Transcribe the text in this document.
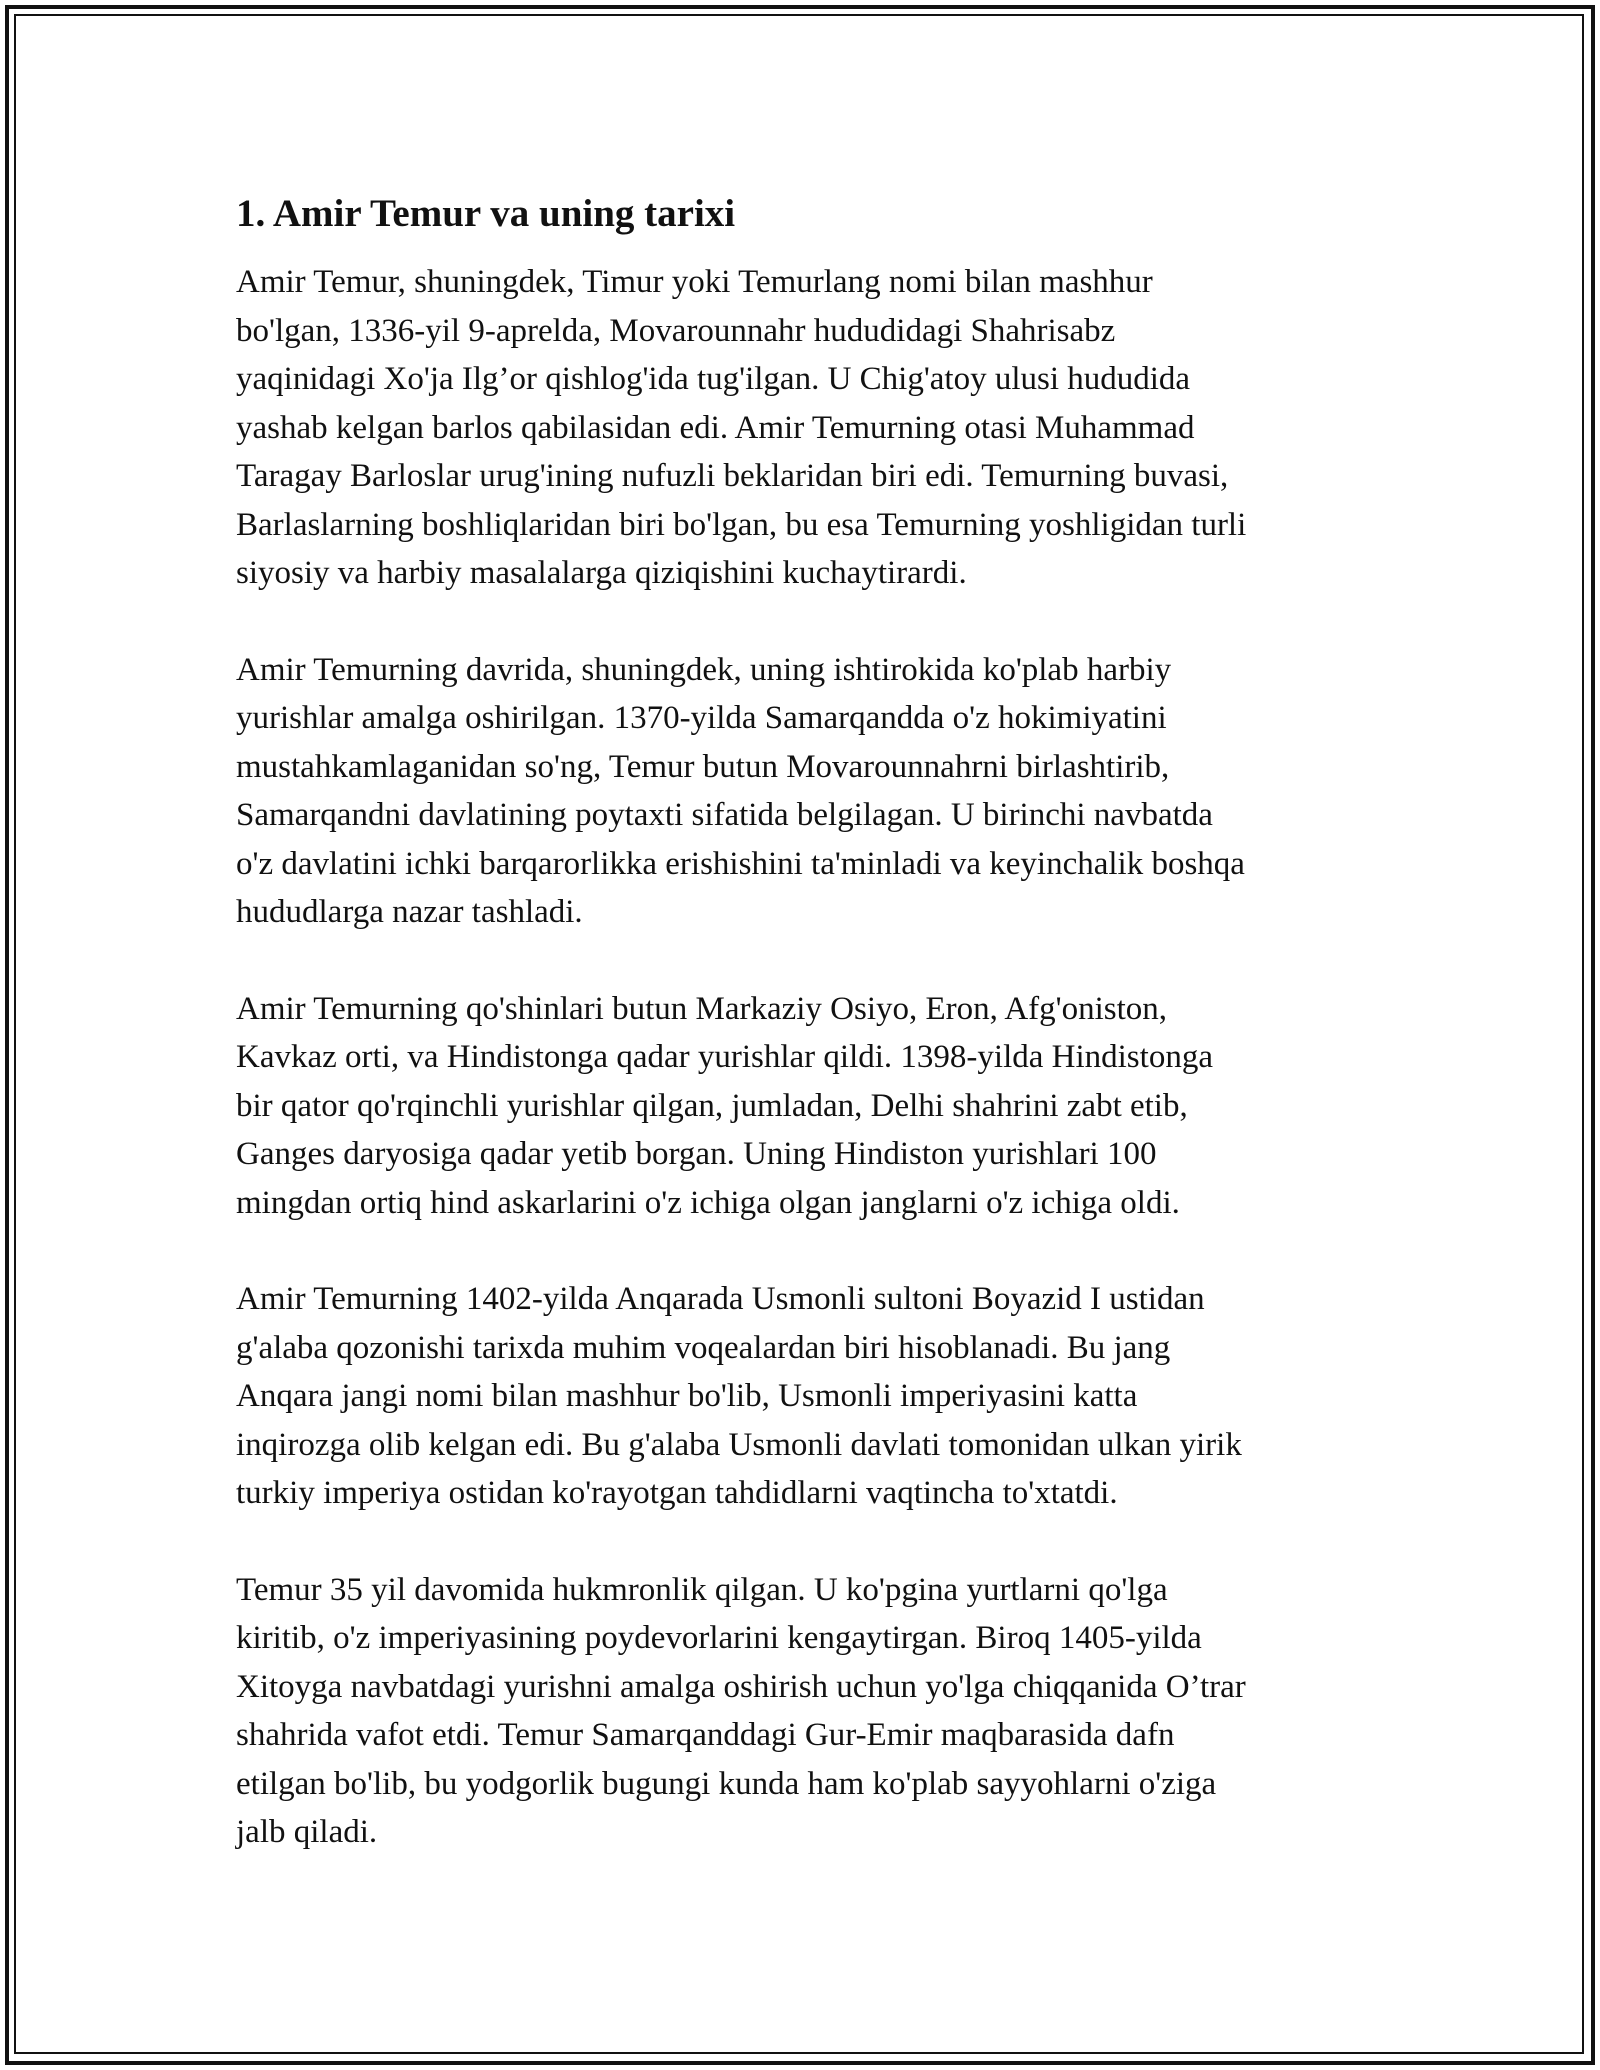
1. Amir Temur va uning tarixi

Amir Temur, shuningdek, Timur yoki Temurlang nomi bilan mashhur
bo'lgan, 1336-yil 9-aprelda, Movarounnahr hududidagi Shahrisabz
yaqinidagi Xo'ja Ilg’or qishlog'ida tug'ilgan. U Chig'atoy ulusi hududida
yashab kelgan barlos qabilasidan edi. Amir Temurning otasi Muhammad
Taragay Barloslar urug'ining nufuzli beklaridan biri edi. Temurning buvasi,
Barlaslarning boshliqlaridan biri bo'lgan, bu esa Temurning yoshligidan turli
siyosiy va harbiy masalalarga qiziqishini kuchaytirardi.

Amir Temurning davrida, shuningdek, uning ishtirokida ko'plab harbiy
yurishlar amalga oshirilgan. 1370-yilda Samarqandda o'z hokimiyatini
mustahkamlaganidan so'ng, Temur butun Movarounnahrni birlashtirib,
Samarqandni davlatining poytaxti sifatida belgilagan. U birinchi navbatda
o'z davlatini ichki barqarorlikka erishishini ta'minladi va keyinchalik boshqa
hududlarga nazar tashladi.

Amir Temurning qo'shinlari butun Markaziy Osiyo, Eron, Afg'oniston,
Kavkaz orti, va Hindistonga qadar yurishlar qildi. 1398-yilda Hindistonga
bir qator qo'rqinchli yurishlar qilgan, jumladan, Delhi shahrini zabt etib,
Ganges daryosiga qadar yetib borgan. Uning Hindiston yurishlari 100
mingdan ortiq hind askarlarini o'z ichiga olgan janglarni o'z ichiga oldi.

Amir Temurning 1402-yilda Anqarada Usmonli sultoni Boyazid I ustidan
g'alaba qozonishi tarixda muhim voqealardan biri hisoblanadi. Bu jang
Anqara jangi nomi bilan mashhur bo'lib, Usmonli imperiyasini katta
inqirozga olib kelgan edi. Bu g'alaba Usmonli davlati tomonidan ulkan yirik
turkiy imperiya ostidan ko'rayotgan tahdidlarni vaqtincha to'xtatdi.

Temur 35 yil davomida hukmronlik qilgan. U ko'pgina yurtlarni qo'lga
kiritib, o'z imperiyasining poydevorlarini kengaytirgan. Biroq 1405-yilda
Xitoyga navbatdagi yurishni amalga oshirish uchun yo'lga chiqqanida O’trar
shahrida vafot etdi. Temur Samarqanddagi Gur-Emir maqbarasida dafn
etilgan bo'lib, bu yodgorlik bugungi kunda ham ko'plab sayyohlarni o'ziga
jalb qiladi.
